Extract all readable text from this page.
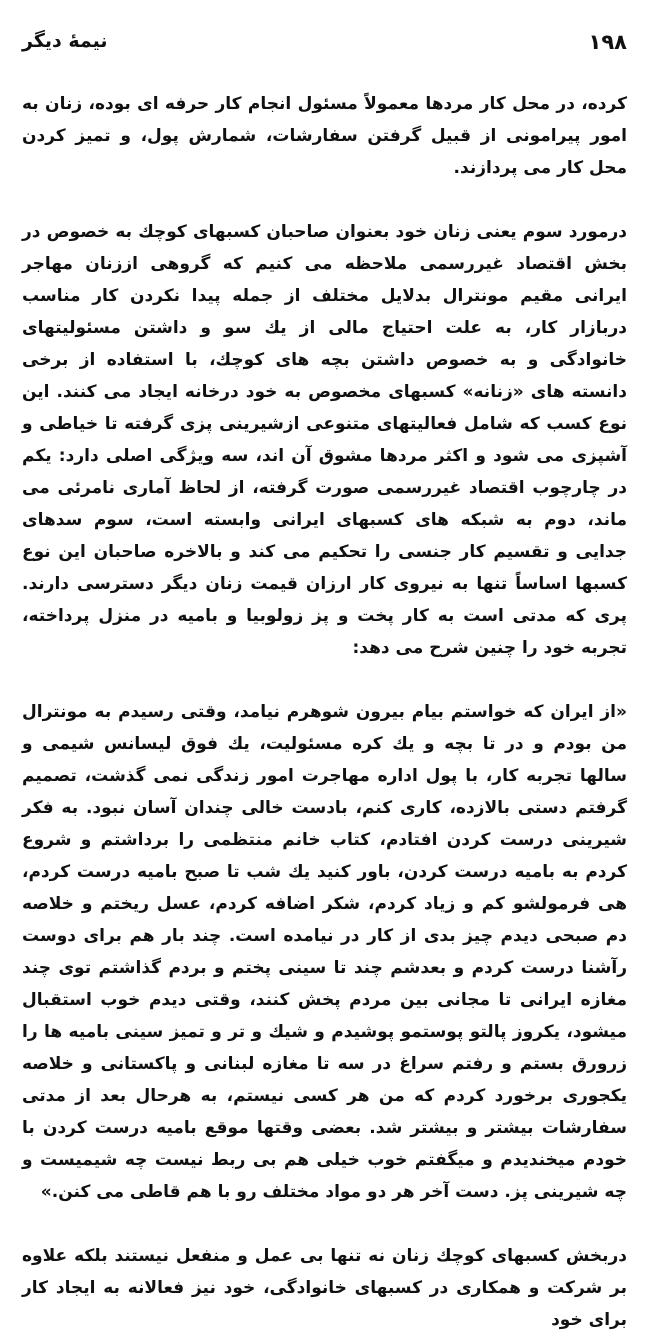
۱۹۸
نیمهٔ دیگر

کرده، در محل کار مردها معمولاً مسئول انجام کار حرفه ای بوده، زنان به امور پیرامونی از قبیل گرفتن سفارشات، شمارش پول، و تمیز کردن محل کار می پردازند.

درمورد سوم یعنی زنان خود بعنوان صاحبان کسبهای کوچك به خصوص در بخش اقتصاد غیررسمی ملاحظه می کنیم که گروهی اززنان مهاجر ایرانی مقیم مونترال بدلایل مختلف از جمله پیدا نکردن کار مناسب دربازار کار، به علت احتیاج مالی از یك سو و داشتن مسئولیتهای خانوادگی و به خصوص داشتن بچه های کوچك، با استفاده از برخی دانسته های «زنانه» کسبهای مخصوص به خود درخانه ایجاد می کنند. این نوع کسب که شامل فعالیتهای متنوعی ازشیرینی پزی گرفته تا خیاطی و آشپزی می شود و اکثر مردها مشوق آن اند، سه ویژگی اصلی دارد: یکم در چارچوب اقتصاد غیررسمی صورت گرفته، از لحاظ آماری نامرئی می ماند، دوم به شبکه های کسبهای ایرانی وابسته است، سوم سدهای جدایی و تقسیم کار جنسی را تحکیم می کند و بالاخره صاحبان این نوع کسبها اساساً تنها به نیروی کار ارزان قیمت زنان دیگر دسترسی دارند. پری که مدتی است به کار پخت و پز زولوبیا و بامیه در منزل پرداخته، تجربه خود را چنین شرح می دهد:

«از ایران که خواستم بیام بیرون شوهرم نیامد، وقتی رسیدم به مونترال من بودم و در تا بچه و یك کره مسئولیت، یك فوق لیسانس شیمی و سالها تجربه کار، با پول اداره مهاجرت امور زندگی نمی گذشت، تصمیم گرفتم دستی بالازده، کاری کنم، بادست خالی چندان آسان نبود. به فکر شیرینی درست کردن افتادم، کتاب خانم منتظمی را برداشتم و شروع کردم به بامیه درست کردن، باور کنید یك شب تا صبح بامیه درست کردم، هی فرمولشو کم و زیاد کردم، شکر اضافه کردم، عسل ریختم و خلاصه دم صبحی دیدم چیز بدی از کار در نیامده است. چند بار هم برای دوست رآشنا درست کردم و بعدشم چند تا سینی پختم و بردم گذاشتم توی چند مغازه ایرانی تا مجانی بین مردم پخش کنند، وقتی دیدم خوب استقبال میشود، یکروز پالتو پوستمو پوشیدم و شیك و تر و تمیز سینی بامیه ها را زرورق بستم و رفتم سراغ در سه تا مغازه لبنانی و پاکستانی و خلاصه یکجوری برخورد کردم که من هر کسی نیستم، به هرحال بعد از مدتی سفارشات بیشتر و بیشتر شد. بعضی وقتها موقع بامیه درست کردن با خودم میخندیدم و میگفتم خوب خیلی هم بی ربط نیست چه شیمیست و چه شیرینی پز. دست آخر هر دو مواد مختلف رو با هم قاطی می کنن.»

دربخش کسبهای کوچك زنان نه تنها بی عمل و منفعل نیستند بلکه علاوه بر شرکت و همکاری در کسبهای خانوادگی، خود نیز فعالانه به ایجاد کار برای خود
